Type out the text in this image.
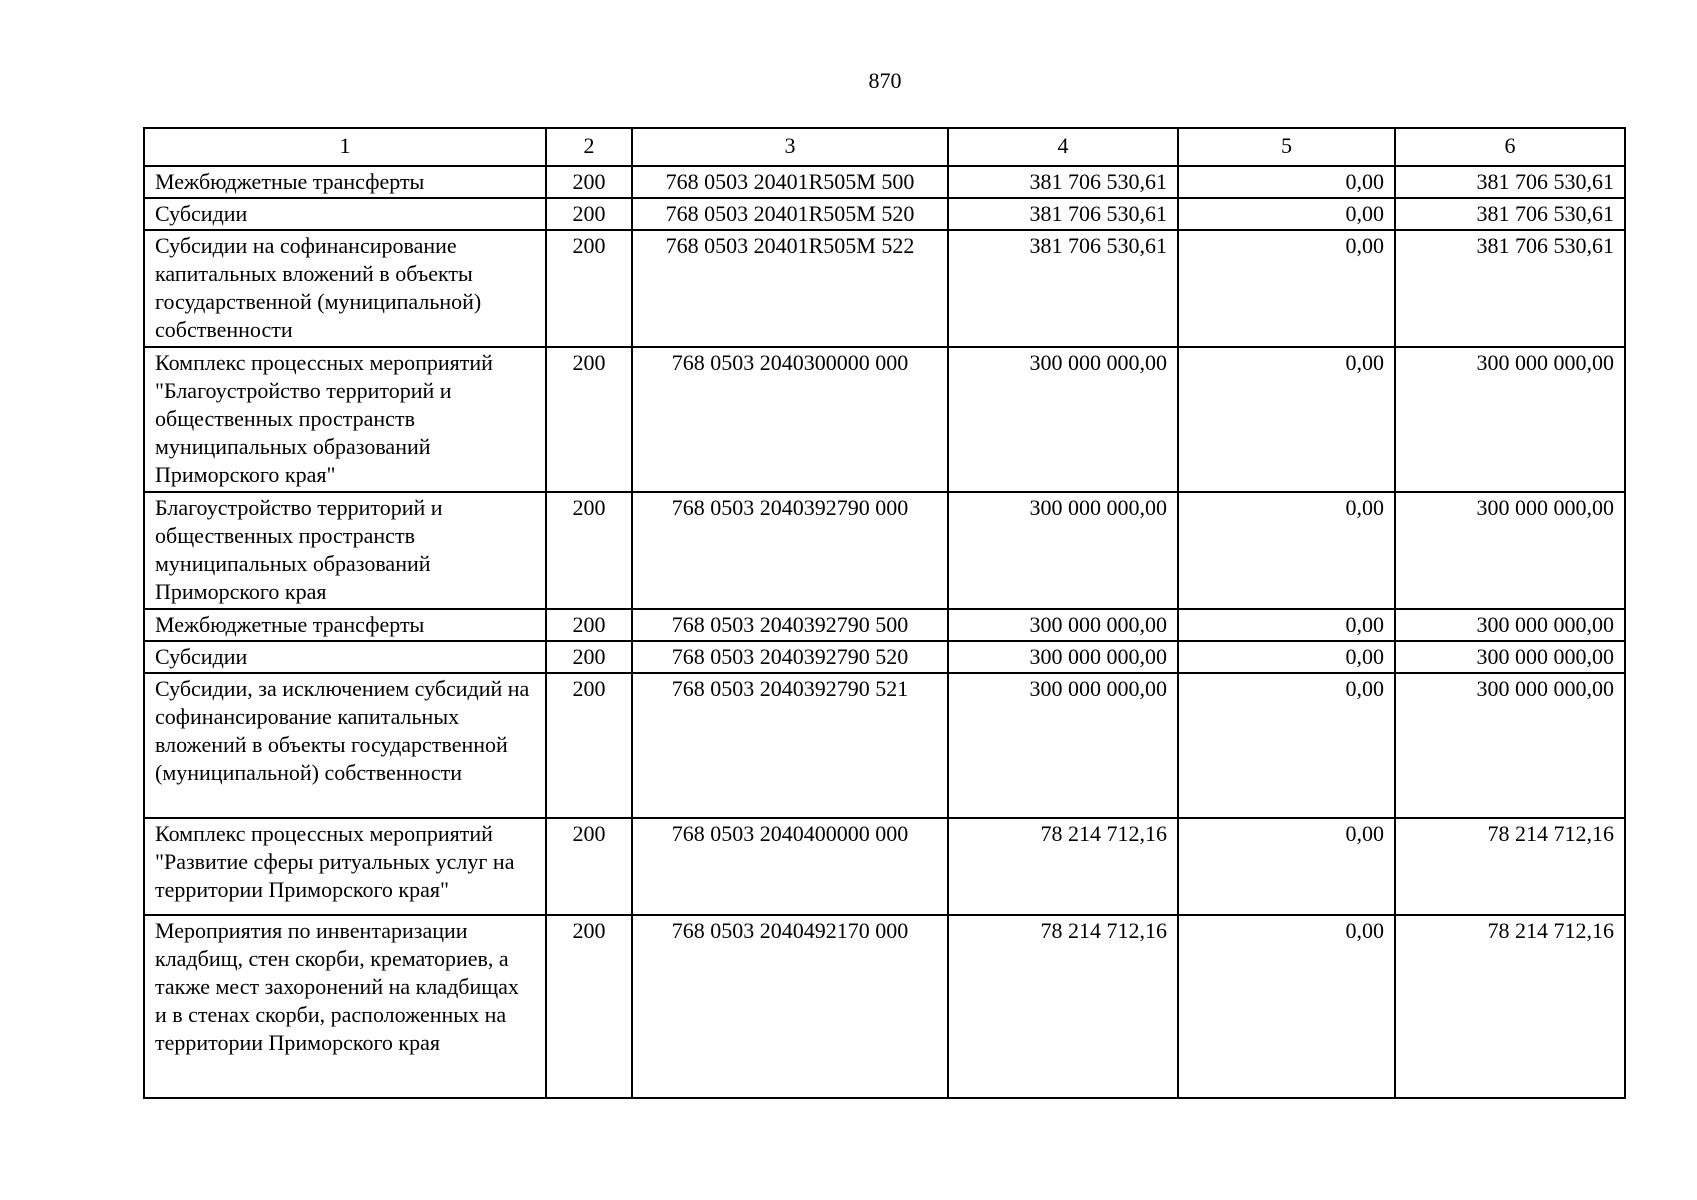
870
1	2	3	4	5	6
Межбюджетные трансферты	200	768 0503 20401R505М 500	381 706 530,61	0,00	381 706 530,61
Субсидии	200	768 0503 20401R505М 520	381 706 530,61	0,00	381 706 530,61
Субсидии на софинансирование капитальных вложений в объекты государственной (муниципальной) собственности	200	768 0503 20401R505М 522	381 706 530,61	0,00	381 706 530,61
Комплекс процессных мероприятий "Благоустройство территорий и общественных пространств муниципальных образований Приморского края"	200	768 0503 2040300000 000	300 000 000,00	0,00	300 000 000,00
Благоустройство территорий и общественных пространств муниципальных образований Приморского края	200	768 0503 2040392790 000	300 000 000,00	0,00	300 000 000,00
Межбюджетные трансферты	200	768 0503 2040392790 500	300 000 000,00	0,00	300 000 000,00
Субсидии	200	768 0503 2040392790 520	300 000 000,00	0,00	300 000 000,00
Субсидии, за исключением субсидий на софинансирование капитальных вложений в объекты государственной (муниципальной) собственности	200	768 0503 2040392790 521	300 000 000,00	0,00	300 000 000,00
Комплекс процессных мероприятий "Развитие сферы ритуальных услуг на территории Приморского края"	200	768 0503 2040400000 000	78 214 712,16	0,00	78 214 712,16
Мероприятия по инвентаризации кладбищ, стен скорби, крематориев, а также мест захоронений на кладбищах и в стенах скорби, расположенных на территории Приморского края	200	768 0503 2040492170 000	78 214 712,16	0,00	78 214 712,16
